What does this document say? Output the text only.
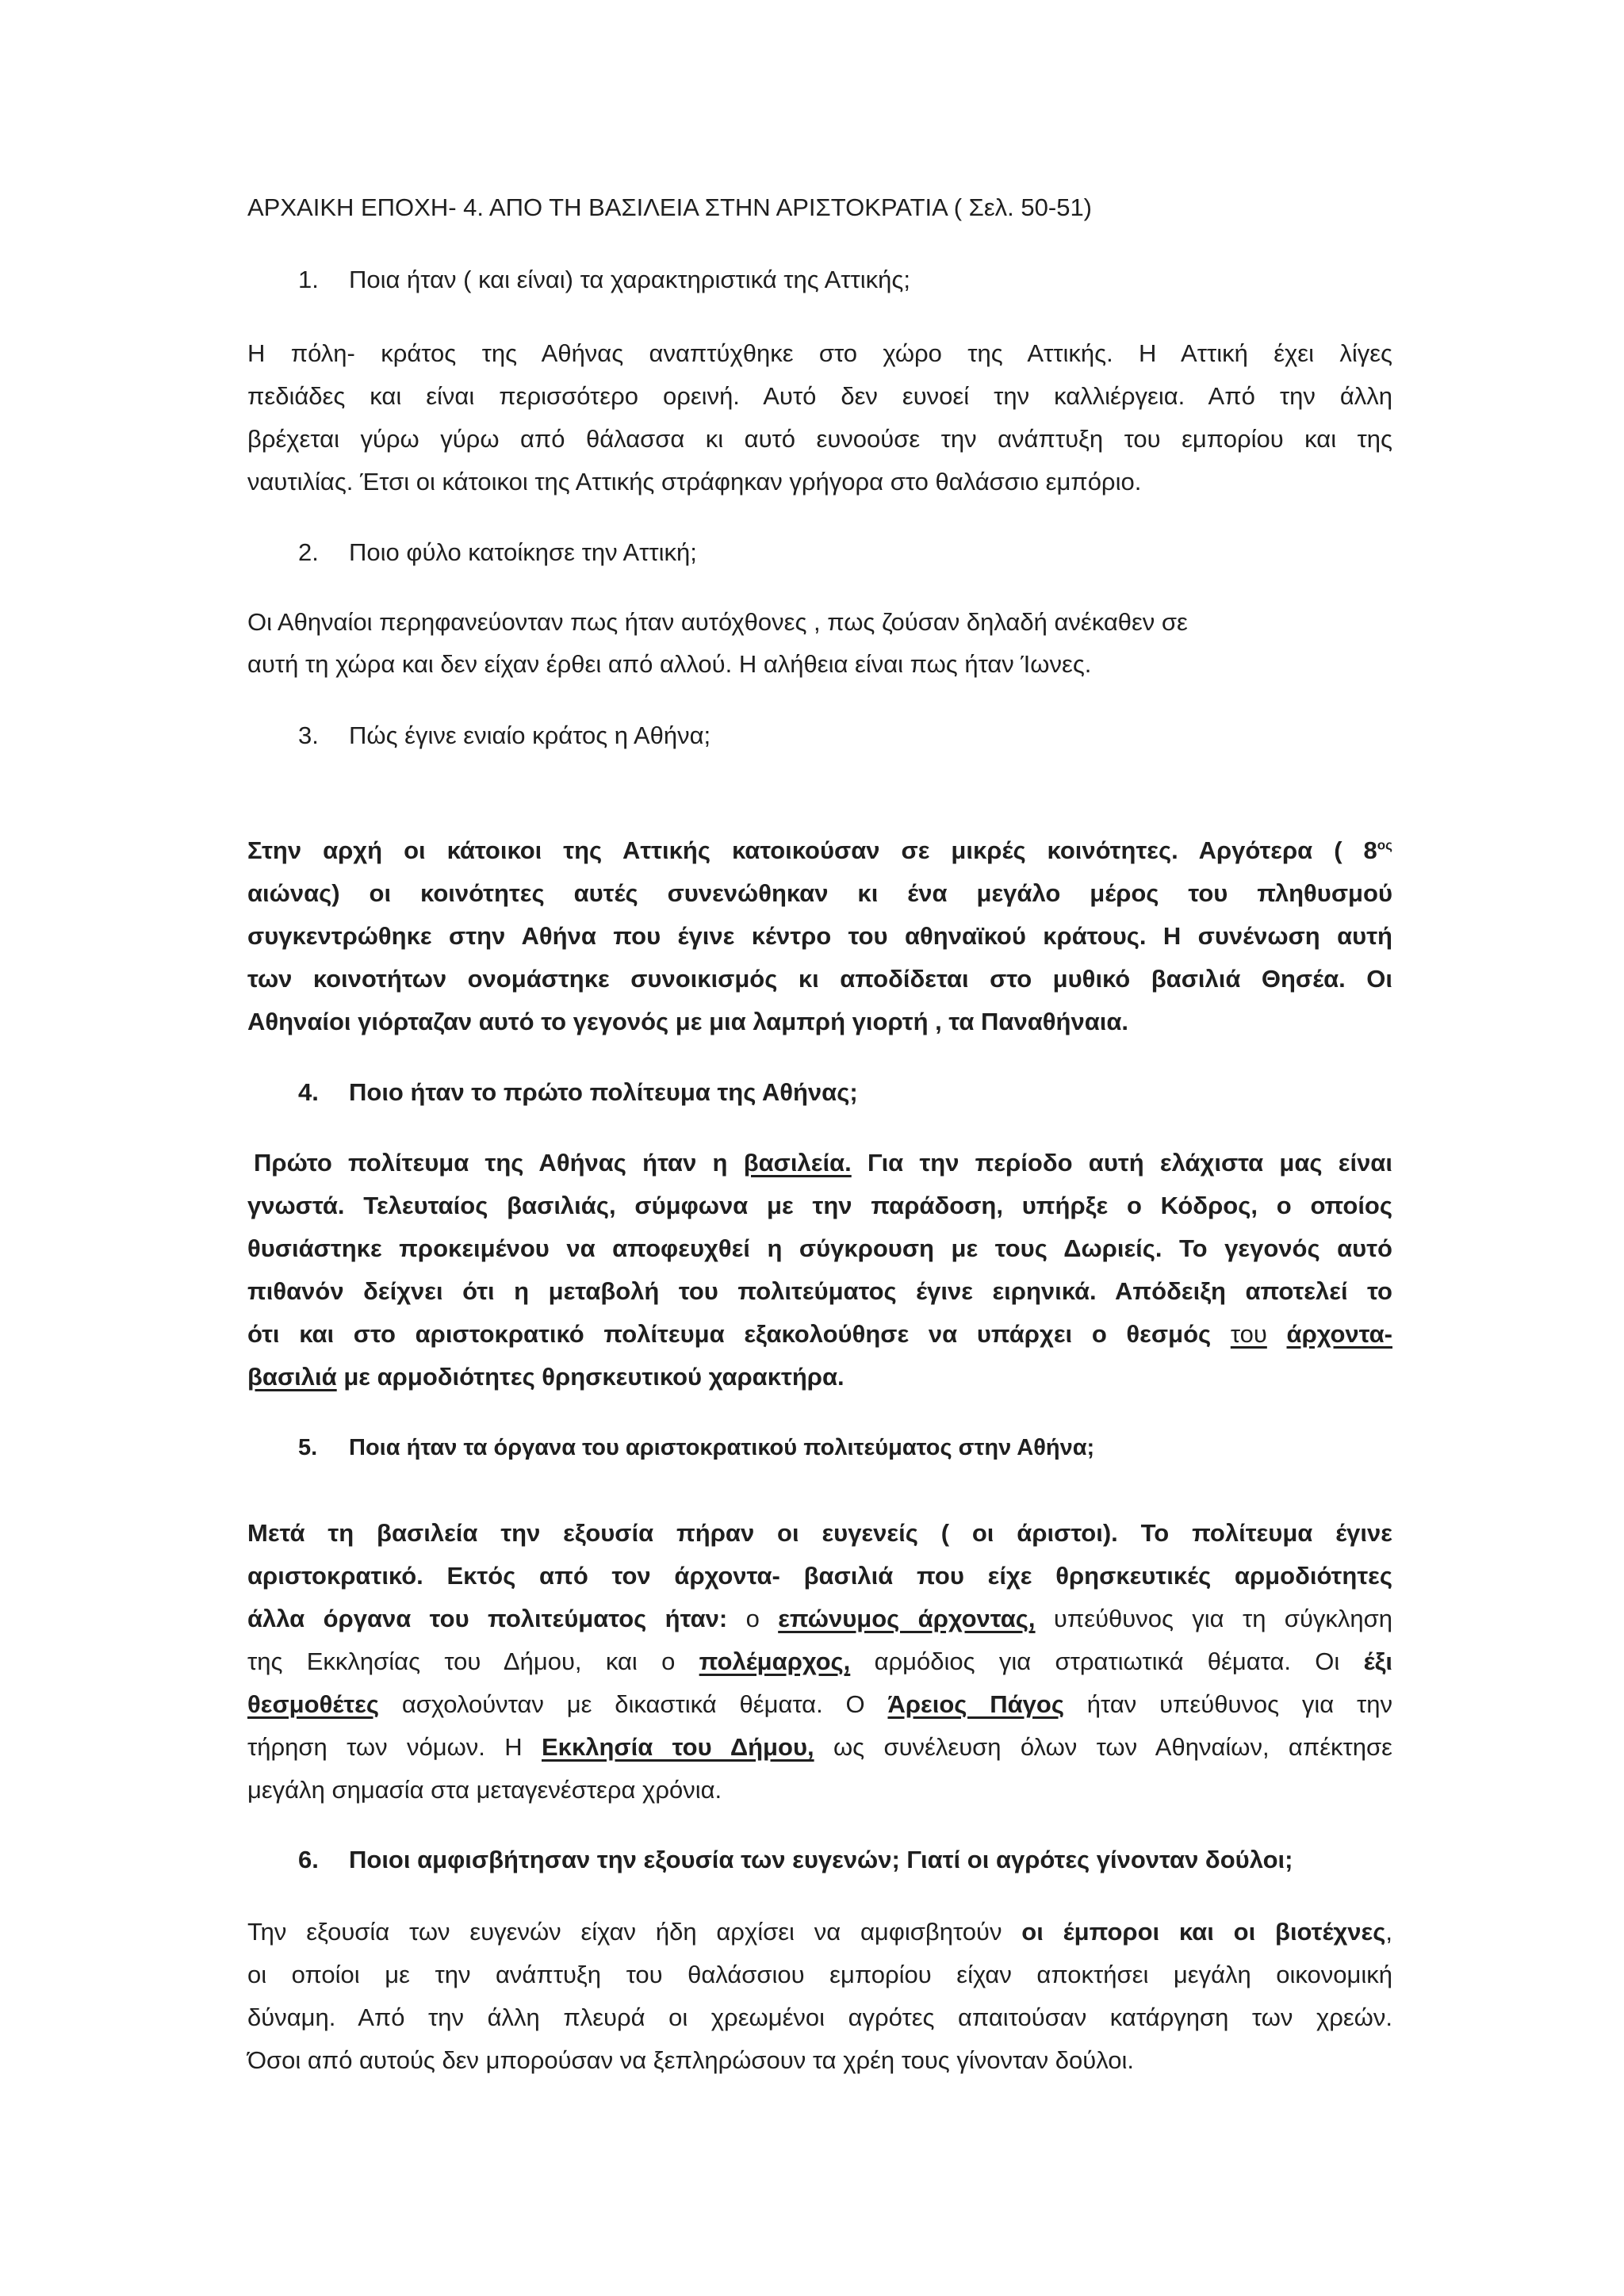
ΑΡΧΑΙΚΗ ΕΠΟΧΗ- 4. ΑΠΟ ΤΗ ΒΑΣΙΛΕΙΑ ΣΤΗΝ ΑΡΙΣΤΟΚΡΑΤΙΑ ( Σελ. 50-51)
1. Ποια ήταν ( και είναι) τα χαρακτηριστικά της Αττικής;
Η πόλη- κράτος της Αθήνας αναπτύχθηκε στο χώρο της Αττικής. Η Αττική έχει λίγες
πεδιάδες και είναι περισσότερο ορεινή. Αυτό δεν ευνοεί την καλλιέργεια. Από την άλλη
βρέχεται γύρω γύρω από θάλασσα κι αυτό ευνοούσε την ανάπτυξη του εμπορίου και της
ναυτιλίας. Έτσι οι κάτοικοι της Αττικής στράφηκαν γρήγορα στο θαλάσσιο εμπόριο.
2. Ποιο φύλο κατοίκησε την Αττική;
Οι Αθηναίοι περηφανεύονταν πως ήταν αυτόχθονες , πως ζούσαν δηλαδή ανέκαθεν σε
αυτή τη χώρα και δεν είχαν έρθει από αλλού. Η αλήθεια είναι πως ήταν Ίωνες.
3. Πώς έγινε ενιαίο κράτος η Αθήνα;
Στην αρχή οι κάτοικοι της Αττικής κατοικούσαν σε μικρές κοινότητες. Αργότερα ( $8^{o\varsigma}$
αιώνας) οι κοινότητες αυτές συνενώθηκαν κι ένα μεγάλο μέρος του πληθυσμού
συγκεντρώθηκε στην Αθήνα που έγινε κέντρο του αθηναϊκού κράτους. Η συνένωση αυτή
των κοινοτήτων ονομάστηκε συνοικισμός κι αποδίδεται στο μυθικό βασιλιά Θησέα. Οι
Αθηναίοι γιόρταζαν αυτό το γεγονός με μια λαμπρή γιορτή , τα Παναθήναια.
4. Ποιο ήταν το πρώτο πολίτευμα της Αθήνας;
Πρώτο πολίτευμα της Αθήνας ήταν η βασιλεία. Για την περίοδο αυτή ελάχιστα μας είναι
γνωστά. Τελευταίος βασιλιάς, σύμφωνα με την παράδοση, υπήρξε ο Κόδρος, ο οποίος
θυσιάστηκε προκειμένου να αποφευχθεί η σύγκρουση με τους Δωριείς. Το γεγονός αυτό
πιθανόν δείχνει ότι η μεταβολή του πολιτεύματος έγινε ειρηνικά. Απόδειξη αποτελεί το
ότι και στο αριστοκρατικό πολίτευμα εξακολούθησε να υπάρχει ο θεσμός του άρχοντα-
βασιλιά με αρμοδιότητες θρησκευτικού χαρακτήρα.
5. Ποια ήταν τα όργανα του αριστοκρατικού πολιτεύματος στην Αθήνα;
Μετά τη βασιλεία την εξουσία πήραν οι ευγενείς ( οι άριστοι). Το πολίτευμα έγινε
αριστοκρατικό. Εκτός από τον άρχοντα- βασιλιά που είχε θρησκευτικές αρμοδιότητες
άλλα όργανα του πολιτεύματος ήταν: ο επώνυμος άρχοντας, υπεύθυνος για τη σύγκληση
της Εκκλησίας του Δήμου, και ο πολέμαρχος, αρμόδιος για στρατιωτικά θέματα. Οι έξι
θεσμοθέτες ασχολούνταν με δικαστικά θέματα. Ο Άρειος Πάγος ήταν υπεύθυνος για την
τήρηση των νόμων. Η Εκκλησία του Δήμου, ως συνέλευση όλων των Αθηναίων, απέκτησε
μεγάλη σημασία στα μεταγενέστερα χρόνια.
6. Ποιοι αμφισβήτησαν την εξουσία των ευγενών; Γιατί οι αγρότες γίνονταν δούλοι;
Την εξουσία των ευγενών είχαν ήδη αρχίσει να αμφισβητούν οι έμποροι και οι βιοτέχνες,
οι οποίοι με την ανάπτυξη του θαλάσσιου εμπορίου είχαν αποκτήσει μεγάλη οικονομική
δύναμη. Από την άλλη πλευρά οι χρεωμένοι αγρότες απαιτούσαν κατάργηση των χρεών.
Όσοι από αυτούς δεν μπορούσαν να ξεπληρώσουν τα χρέη τους γίνονταν δούλοι.
